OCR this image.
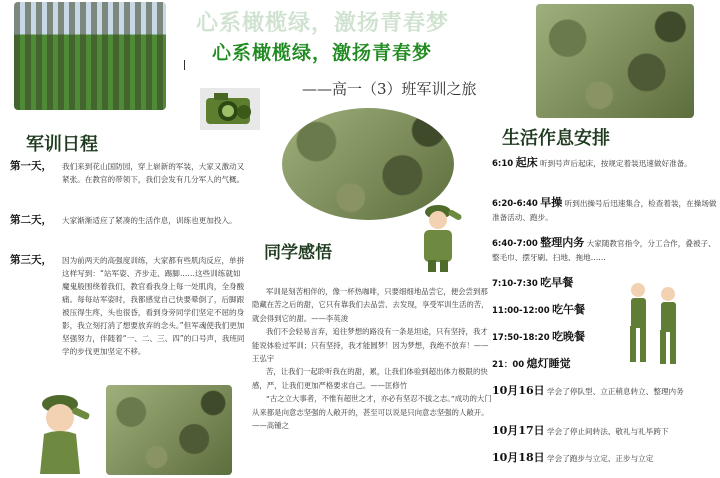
心系橄榄绿，激扬青春梦
心系橄榄绿，激扬青春梦
——高一（3）班军训之旅
军训日程
第一天， 我们来到花山国防园，穿上崭新的军装，大家又激动又紧张。在教官的带领下，我们会发有几分军人的气概。
第二天， 大家渐渐适应了紧凑的生活作息，训练也更加投入。
第三天， 因为前两天的高强度训练，大家都有些肌肉反应，单拼这样写到：“站军姿、齐步走、踢脚……这些训练就如魔鬼般围绕着我们，教官看我身上每一处肌肉，全身酸痛。每每站军姿时，我都感觉自己快要晕倒了，后脚跟被压得生疼，头也很昏，看到身旁同学们坚定不屈的身影，我立刻打消了想要放弃的念头。”但军魂使我们更加坚强努力，伴随着“一、二、三、四”的口号声，我班同学的步伐更加坚定不移。
同学感悟

军训是刻苦相伴的，像一杯热咖啡，只要细细地品尝它，便会尝到那隐藏在苦之后的甜，它只有靠我们去品尝、去发现，享受军训生活的苦，就会得到它的甜。——李英浚

我们不会轻易言弃，追往梦想的路没有一条是坦途，只有坚持，我才能说体验过军训；只有坚持，我才能圆梦！因为梦想，我绝不放弃！——王弘宇

苦，让我们一起聆听我在的甜，累，让我们体验到超出体力极限的快感，严，让我们更加严格要求自己。——匡修竹

“古之立大事者，不惟有超世之才，亦必有坚忍不拔之志。”成功的大门从来都是向意志坚强的人敞开的，甚至可以说是只向意志坚强的人敞开。——高锺之

生活作息安排
6:10 起床 听到号声后起床，按规定着装迅速做好准备。
6:20-6:40 早操 听到出操号后迅速集合，检查着装，在操场做准备活动、跑步。
6:40-7:00 整理内务 大家随教官指令，分工合作，叠被子、整毛巾、摆牙刷、扫地、拖地……
7:10-7:30 吃早餐
11:00-12:00 吃午餐
17:50-18:20 吃晚餐
21：00 熄灯睡觉
10月16日 学会了停队型、立正稍息转立、整理内务
10月17日 学会了停止间转法、敬礼与礼毕跨下
10月18日 学会了跑步与立定、正步与立定
